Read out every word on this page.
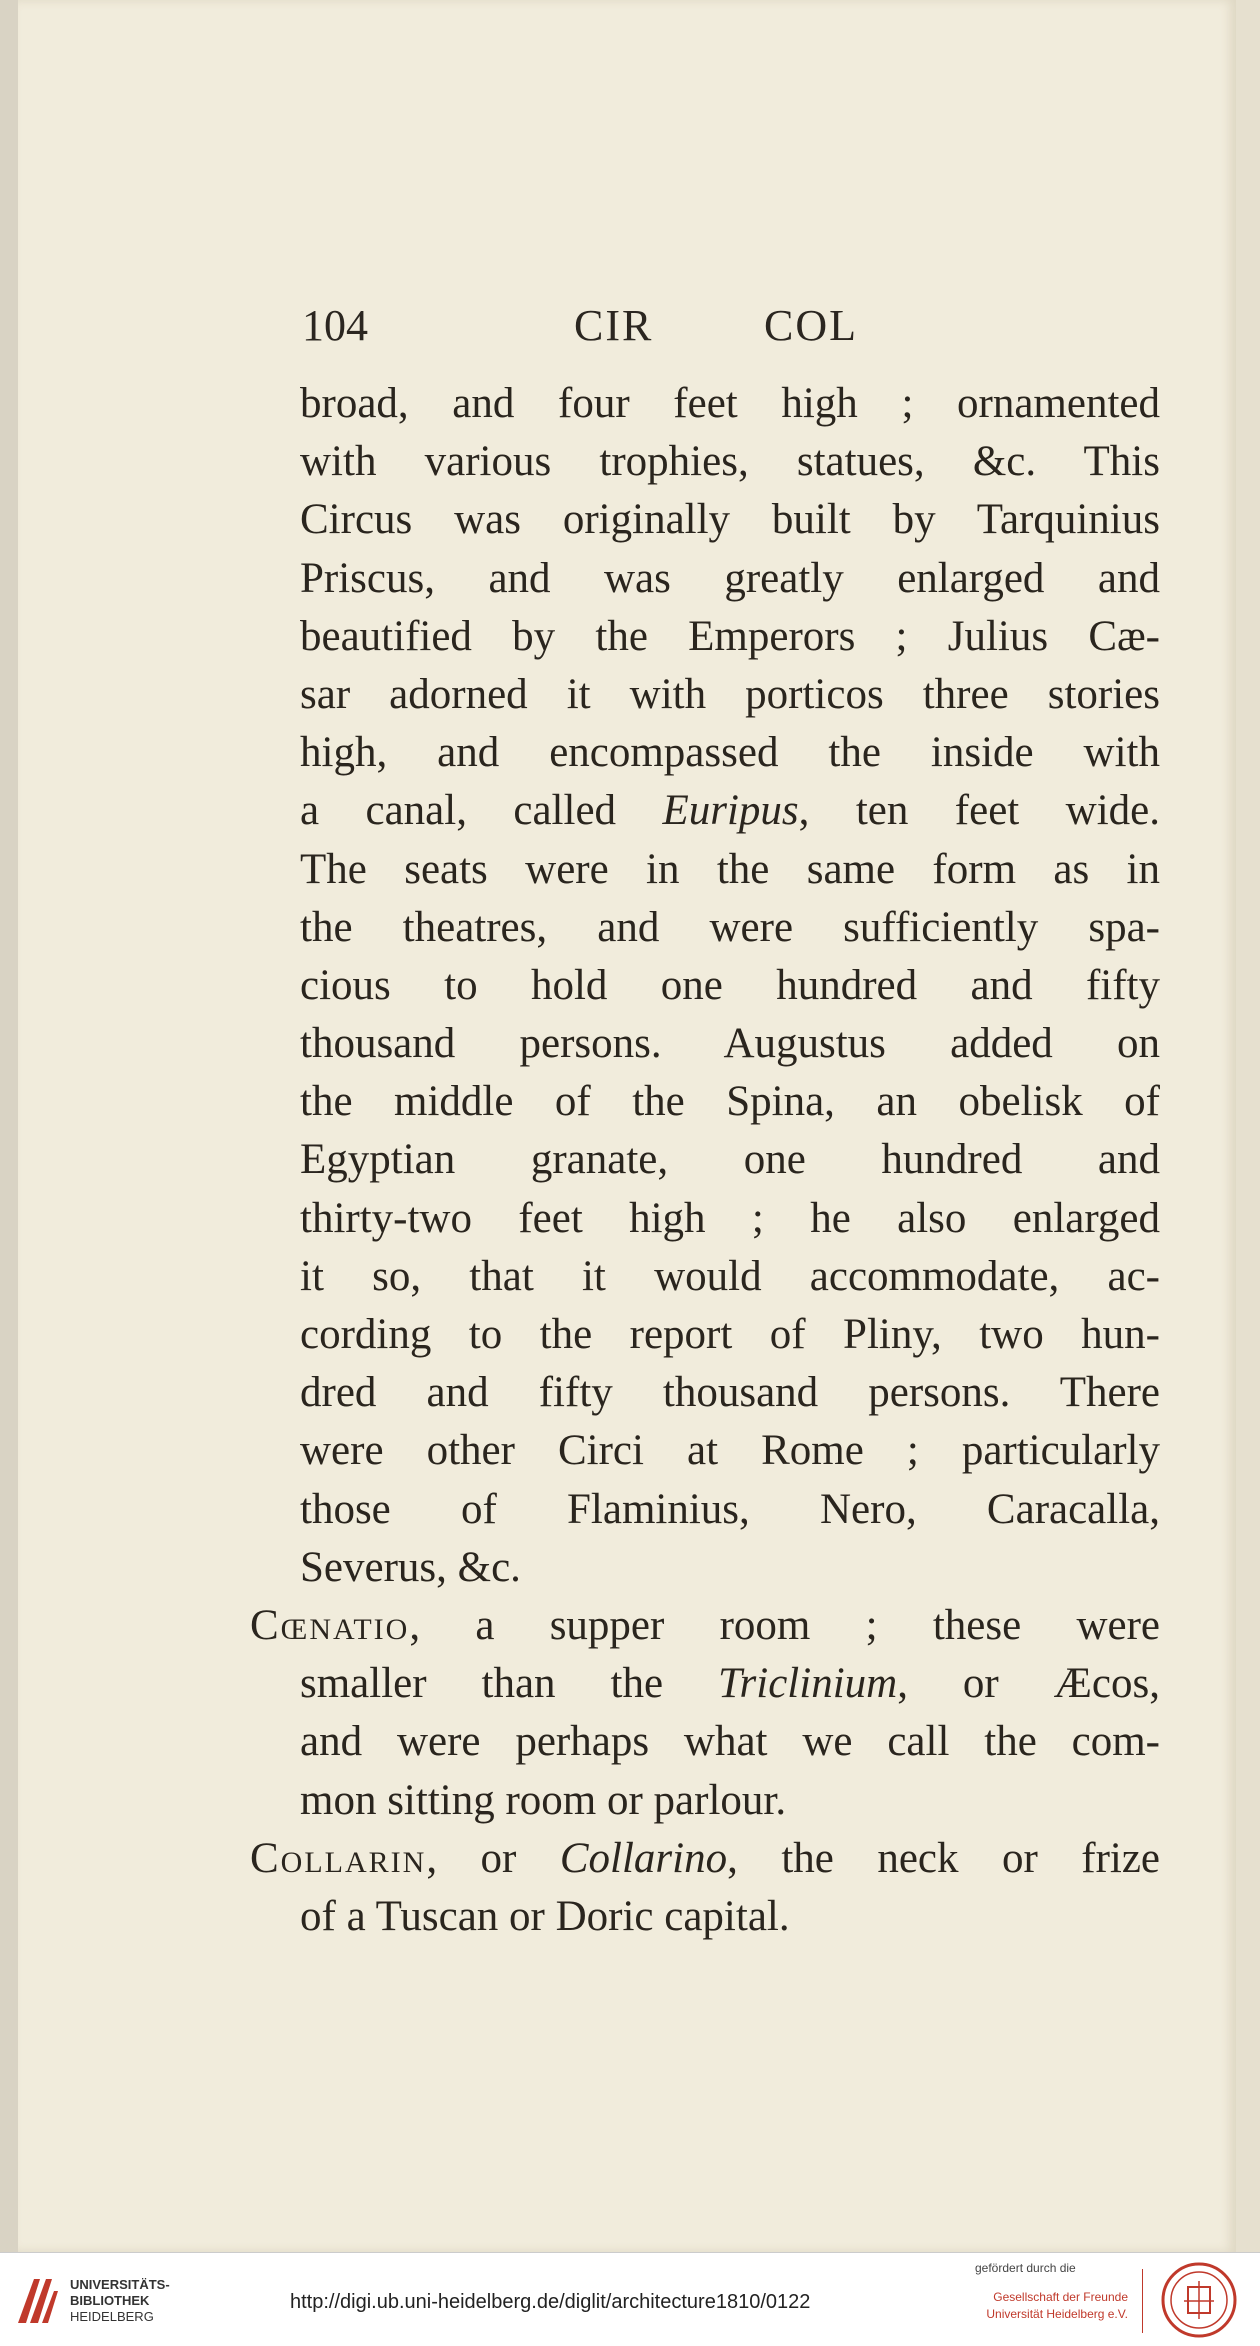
104	CIR	COL
broad, and four feet high ; ornamented
with various trophies, statues, &c. This
Circus was originally built by Tarquinius
Priscus, and was greatly enlarged and
beautified by the Emperors ; Julius Cæ-
sar adorned it with porticos three stories
high, and encompassed the inside with
a canal, called Euripus, ten feet wide.
The seats were in the same form as in
the theatres, and were sufficiently spa-
cious to hold one hundred and fifty
thousand persons. Augustus added on
the middle of the Spina, an obelisk of
Egyptian granate, one hundred and
thirty-two feet high ; he also enlarged
it so, that it would accommodate, ac-
cording to the report of Pliny, two hun-
dred and fifty thousand persons. There
were other Circi at Rome ; particularly
those of Flaminius, Nero, Caracalla,
Severus, &c.
Cœnatio, a supper room ; these were
smaller than the Triclinium, or Æcos,
and were perhaps what we call the com-
mon sitting room or parlour.
Collarin, or Collarino, the neck or frize
of a Tuscan or Doric capital.
UNIVERSITÄTS-
BIBLIOTHEK
HEIDELBERG
http://digi.ub.uni-heidelberg.de/diglit/architecture1810/0122
gefördert durch die
Gesellschaft der Freunde
Universität Heidelberg e.V.
